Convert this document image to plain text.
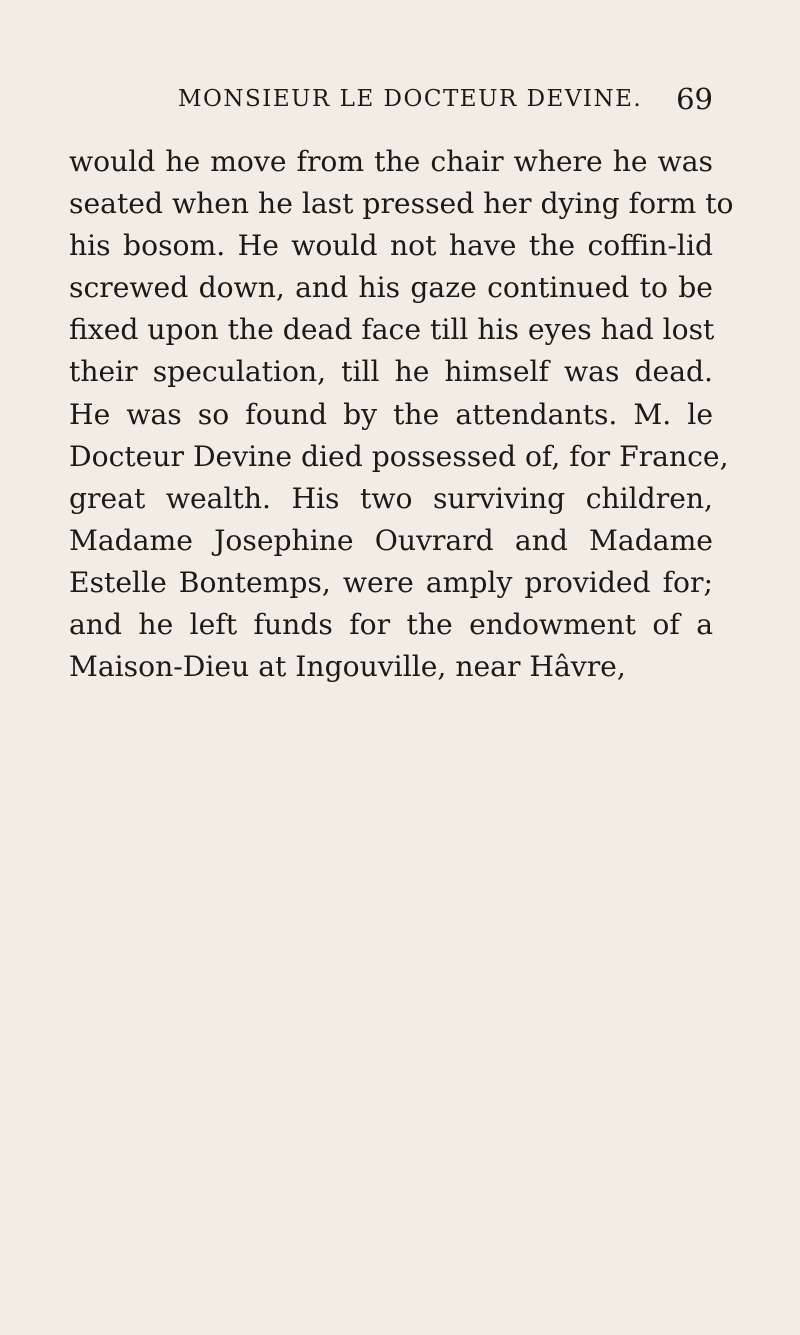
MONSIEUR LE DOCTEUR DEVINE. 69
would he move from the chair where he was
seated when he last pressed her dying form to
his bosom. He would not have the coffin-lid
screwed down, and his gaze continued to be
fixed upon the dead face till his eyes had lost
their speculation, till he himself was dead.
He was so found by the attendants. M. le
Docteur Devine died possessed of, for France,
great wealth. His two surviving children,
Madame Josephine Ouvrard and Madame
Estelle Bontemps, were amply provided for;
and he left funds for the endowment of a
Maison-Dieu at Ingouville, near Hâvre,
